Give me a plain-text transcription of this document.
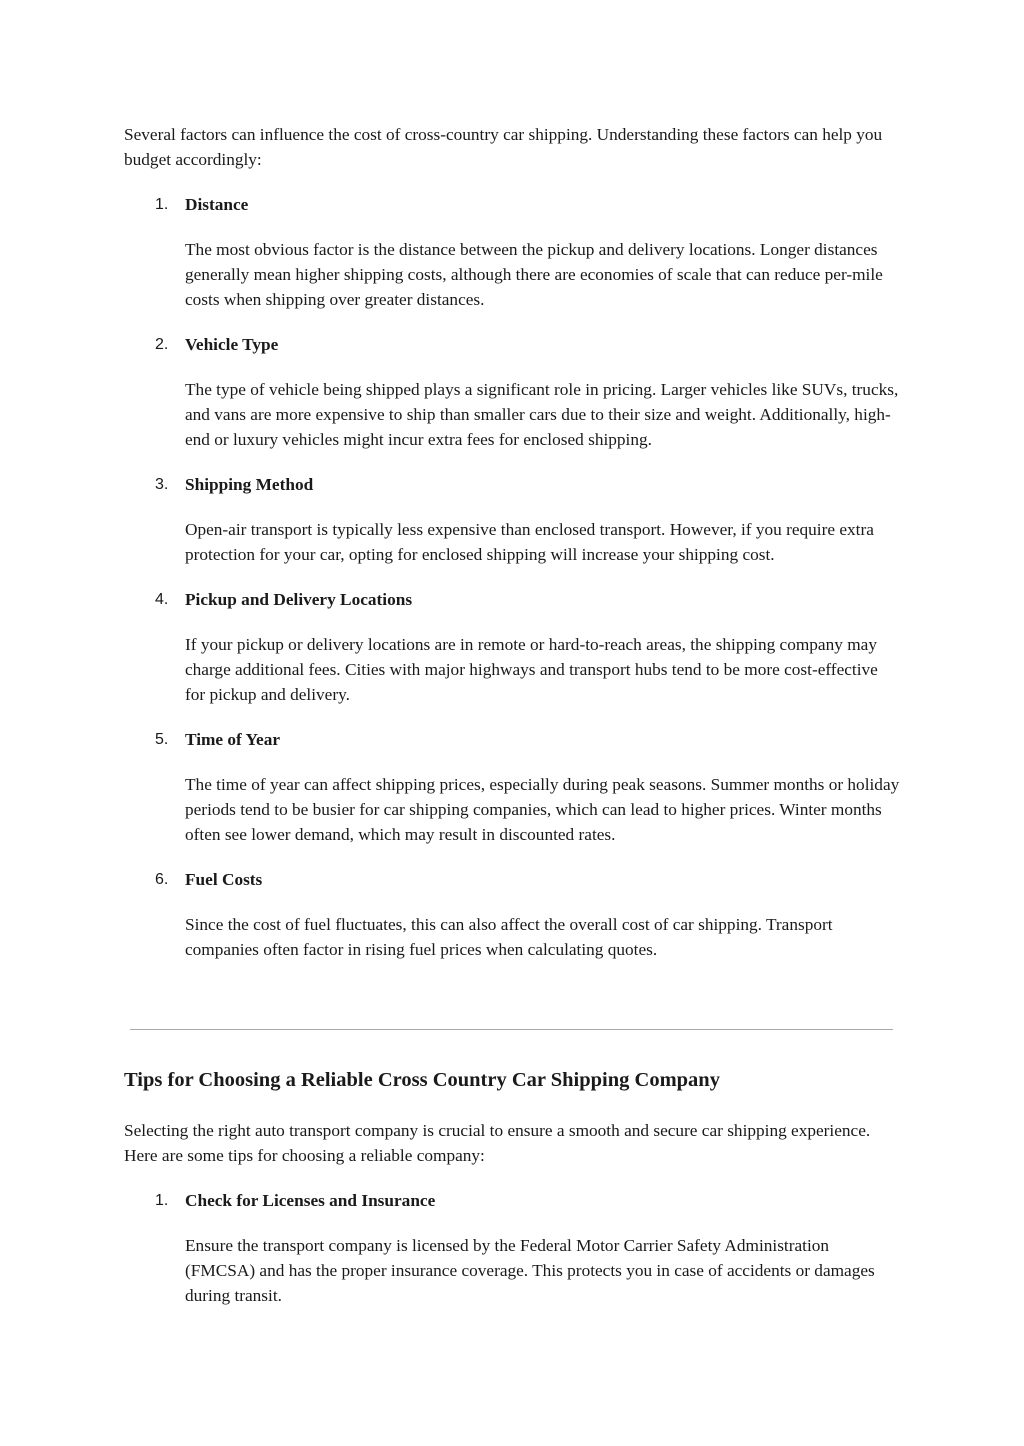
Several factors can influence the cost of cross-country car shipping. Understanding these factors can help you budget accordingly:

1. Distance

The most obvious factor is the distance between the pickup and delivery locations. Longer distances generally mean higher shipping costs, although there are economies of scale that can reduce per-mile costs when shipping over greater distances.

2. Vehicle Type

The type of vehicle being shipped plays a significant role in pricing. Larger vehicles like SUVs, trucks, and vans are more expensive to ship than smaller cars due to their size and weight. Additionally, high-end or luxury vehicles might incur extra fees for enclosed shipping.

3. Shipping Method

Open-air transport is typically less expensive than enclosed transport. However, if you require extra protection for your car, opting for enclosed shipping will increase your shipping cost.

4. Pickup and Delivery Locations

If your pickup or delivery locations are in remote or hard-to-reach areas, the shipping company may charge additional fees. Cities with major highways and transport hubs tend to be more cost-effective for pickup and delivery.

5. Time of Year

The time of year can affect shipping prices, especially during peak seasons. Summer months or holiday periods tend to be busier for car shipping companies, which can lead to higher prices. Winter months often see lower demand, which may result in discounted rates.

6. Fuel Costs

Since the cost of fuel fluctuates, this can also affect the overall cost of car shipping. Transport companies often factor in rising fuel prices when calculating quotes.

Tips for Choosing a Reliable Cross Country Car Shipping Company

Selecting the right auto transport company is crucial to ensure a smooth and secure car shipping experience. Here are some tips for choosing a reliable company:

1. Check for Licenses and Insurance

Ensure the transport company is licensed by the Federal Motor Carrier Safety Administration (FMCSA) and has the proper insurance coverage. This protects you in case of accidents or damages during transit.
